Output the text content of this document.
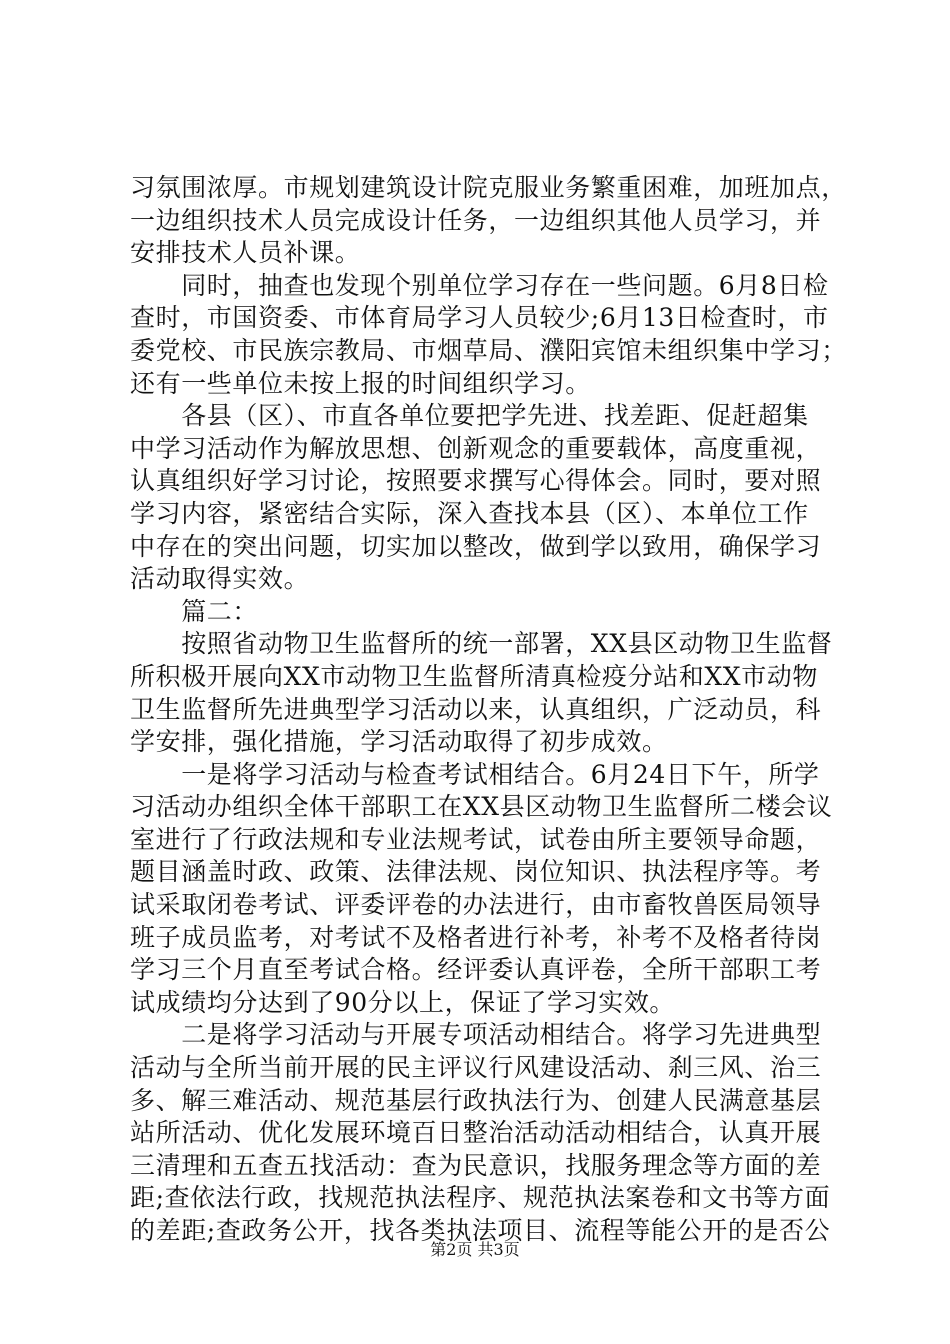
习氛围浓厚。市规划建筑设计院克服业务繁重困难，加班加点，
一边组织技术人员完成设计任务，一边组织其他人员学习，并
安排技术人员补课。
　　同时，抽查也发现个别单位学习存在一些问题。6月8日检
查时，市国资委、市体育局学习人员较少;6月13日检查时，市
委党校、市民族宗教局、市烟草局、濮阳宾馆未组织集中学习；
还有一些单位未按上报的时间组织学习。
　　各县（区）、市直各单位要把学先进、找差距、促赶超集
中学习活动作为解放思想、创新观念的重要载体，高度重视，
认真组织好学习讨论，按照要求撰写心得体会。同时，要对照
学习内容，紧密结合实际，深入查找本县（区）、本单位工作
中存在的突出问题，切实加以整改，做到学以致用，确保学习
活动取得实效。
　　篇二：
　　按照省动物卫生监督所的统一部署，XX县区动物卫生监督
所积极开展向XX市动物卫生监督所清真检疫分站和XX市动物
卫生监督所先进典型学习活动以来，认真组织，广泛动员，科
学安排，强化措施，学习活动取得了初步成效。
　　一是将学习活动与检查考试相结合。6月24日下午，所学
习活动办组织全体干部职工在XX县区动物卫生监督所二楼会议
室进行了行政法规和专业法规考试，试卷由所主要领导命题，
题目涵盖时政、政策、法律法规、岗位知识、执法程序等。考
试采取闭卷考试、评委评卷的办法进行，由市畜牧兽医局领导
班子成员监考，对考试不及格者进行补考，补考不及格者待岗
学习三个月直至考试合格。经评委认真评卷，全所干部职工考
试成绩均分达到了90分以上，保证了学习实效。
　　二是将学习活动与开展专项活动相结合。将学习先进典型
活动与全所当前开展的民主评议行风建设活动、刹三风、治三
多、解三难活动、规范基层行政执法行为、创建人民满意基层
站所活动、优化发展环境百日整治活动活动相结合，认真开展
三清理和五查五找活动：查为民意识，找服务理念等方面的差
距;查依法行政，找规范执法程序、规范执法案卷和文书等方面
的差距;查政务公开，找各类执法项目、流程等能公开的是否公
第2页 共3页
